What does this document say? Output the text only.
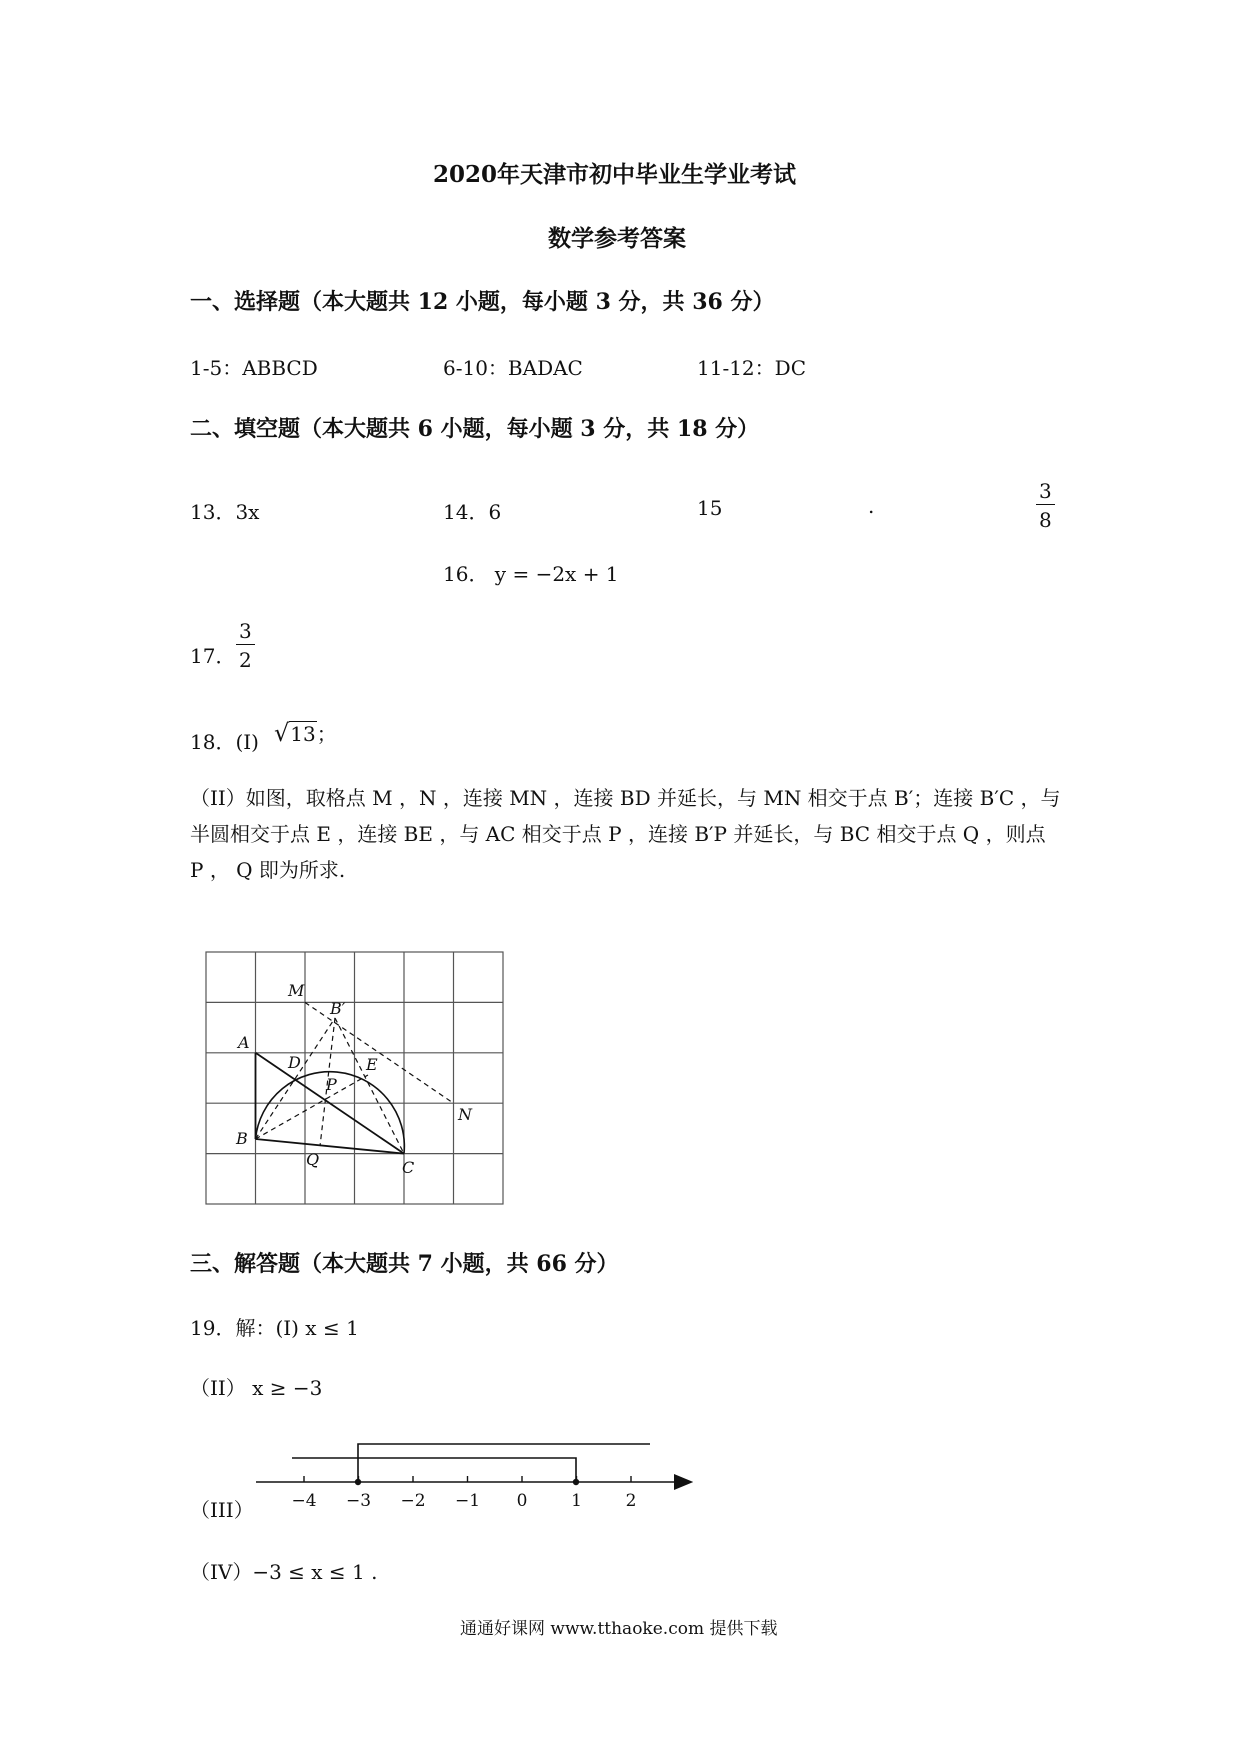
2020年天津市初中毕业生学业考试
数学参考答案
一、选择题（本大题共 12 小题，每小题 3 分，共 36 分）
1-5：ABBCD	6-10：BADAC	11-12：DC
二、填空题（本大题共 6 小题，每小题 3 分，共 18 分）
13．3x	14．6	15	.	$\frac{3}{8}$
16． y = −2x + 1
17． $\frac{3}{2}$
18．(I) √13；
（II）如图，取格点 M ，N ，连接 MN ，连接 BD 并延长，与 MN 相交于点 B′；连接 B′C ，与半圆相交于点 E ，连接 BE ，与 AC 相交于点 P ，连接 B′P 并延长，与 BC 相交于点 Q ，则点 P ， Q 即为所求.
M
B′
A
D	E
P
N
B
Q	C
三、解答题（本大题共 7 小题，共 66 分）
19．解：(I) x ≤ 1
（II） x ≥ −3
−4 −3 −2 −1 0	1	2
（III）
（IV）−3 ≤ x ≤ 1 .
通通好课网 www.tthaoke.com 提供下载
